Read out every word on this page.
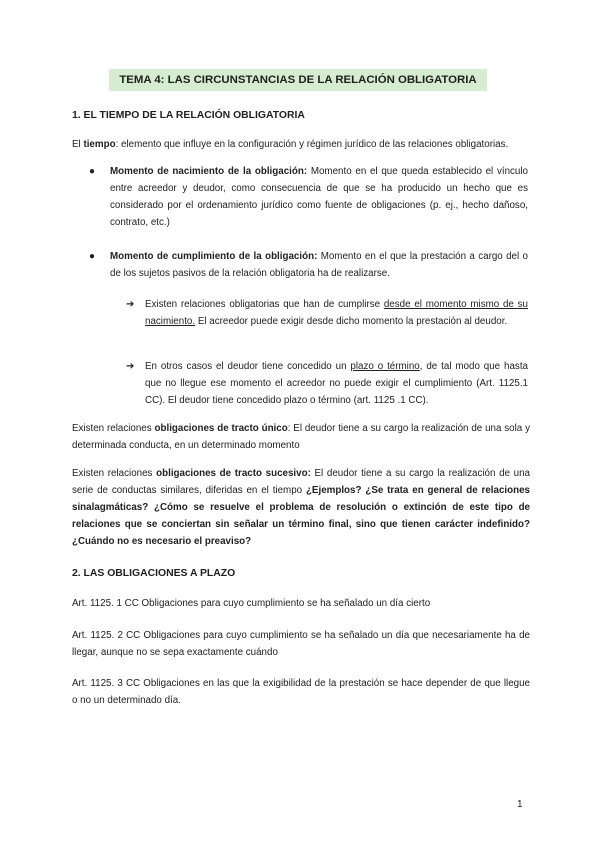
TEMA 4: LAS CIRCUNSTANCIAS DE LA RELACIÓN OBLIGATORIA
1. EL TIEMPO DE LA RELACIÓN OBLIGATORIA
El tiempo: elemento que influye en la configuración y régimen jurídico de las relaciones obligatorias.
● Momento de nacimiento de la obligación: Momento en el que queda establecido el vínculo entre acreedor y deudor, como consecuencia de que se ha producido un hecho que es considerado por el ordenamiento jurídico como fuente de obligaciones (p. ej., hecho dañoso, contrato, etc.)
● Momento de cumplimiento de la obligación: Momento en el que la prestación a cargo del o de los sujetos pasivos de la relación obligatoria ha de realizarse.
➔ Existen relaciones obligatorias que han de cumplirse desde el momento mismo de su nacimiento. El acreedor puede exigir desde dicho momento la prestación al deudor.
➔ En otros casos el deudor tiene concedido un plazo o término, de tal modo que hasta que no llegue ese momento el acreedor no puede exigir el cumplimiento (Art. 1125.1 CC). El deudor tiene concedido plazo o término (art. 1125 .1 CC).
Existen relaciones obligaciones de tracto único: El deudor tiene a su cargo la realización de una sola y determinada conducta, en un determinado momento
Existen relaciones obligaciones de tracto sucesivo: El deudor tiene a su cargo la realización de una serie de conductas similares, diferidas en el tiempo ¿Ejemplos? ¿Se trata en general de relaciones sinalagmáticas? ¿Cómo se resuelve el problema de resolución o extinción de este tipo de relaciones que se conciertan sin señalar un término final, sino que tienen carácter indefinido? ¿Cuándo no es necesario el preaviso?
2. LAS OBLIGACIONES A PLAZO
Art. 1125. 1 CC Obligaciones para cuyo cumplimiento se ha señalado un día cierto
Art. 1125. 2 CC Obligaciones para cuyo cumplimiento se ha señalado un día que necesariamente ha de llegar, aunque no se sepa exactamente cuándo
Art. 1125. 3 CC Obligaciones en las que la exigibilidad de la prestación se hace depender de que llegue o no un determinado día.
1
